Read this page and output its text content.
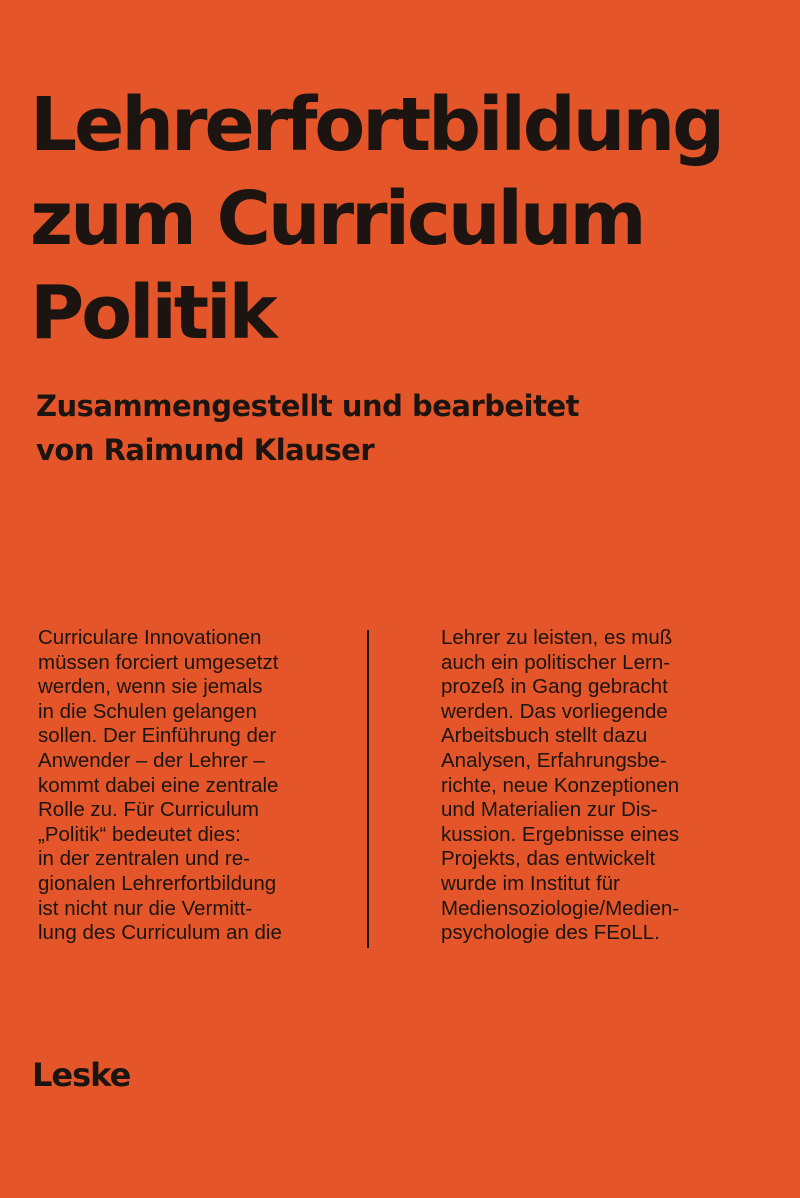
Lehrerfortbildung
zum Curriculum
Politik
Zusammengestellt und bearbeitet
von Raimund Klauser
Curriculare Innovationen
müssen forciert umgesetzt
werden, wenn sie jemals
in die Schulen gelangen
sollen. Der Einführung der
Anwender – der Lehrer –
kommt dabei eine zentrale
Rolle zu. Für Curriculum
„Politik“ bedeutet dies:
in der zentralen und re-
gionalen Lehrerfortbildung
ist nicht nur die Vermitt-
lung des Curriculum an die
Lehrer zu leisten, es muß
auch ein politischer Lern-
prozeß in Gang gebracht
werden. Das vorliegende
Arbeitsbuch stellt dazu
Analysen, Erfahrungsbe-
richte, neue Konzeptionen
und Materialien zur Dis-
kussion. Ergebnisse eines
Projekts, das entwickelt
wurde im Institut für
Mediensoziologie/Medien-
psychologie des FEoLL.
Leske
